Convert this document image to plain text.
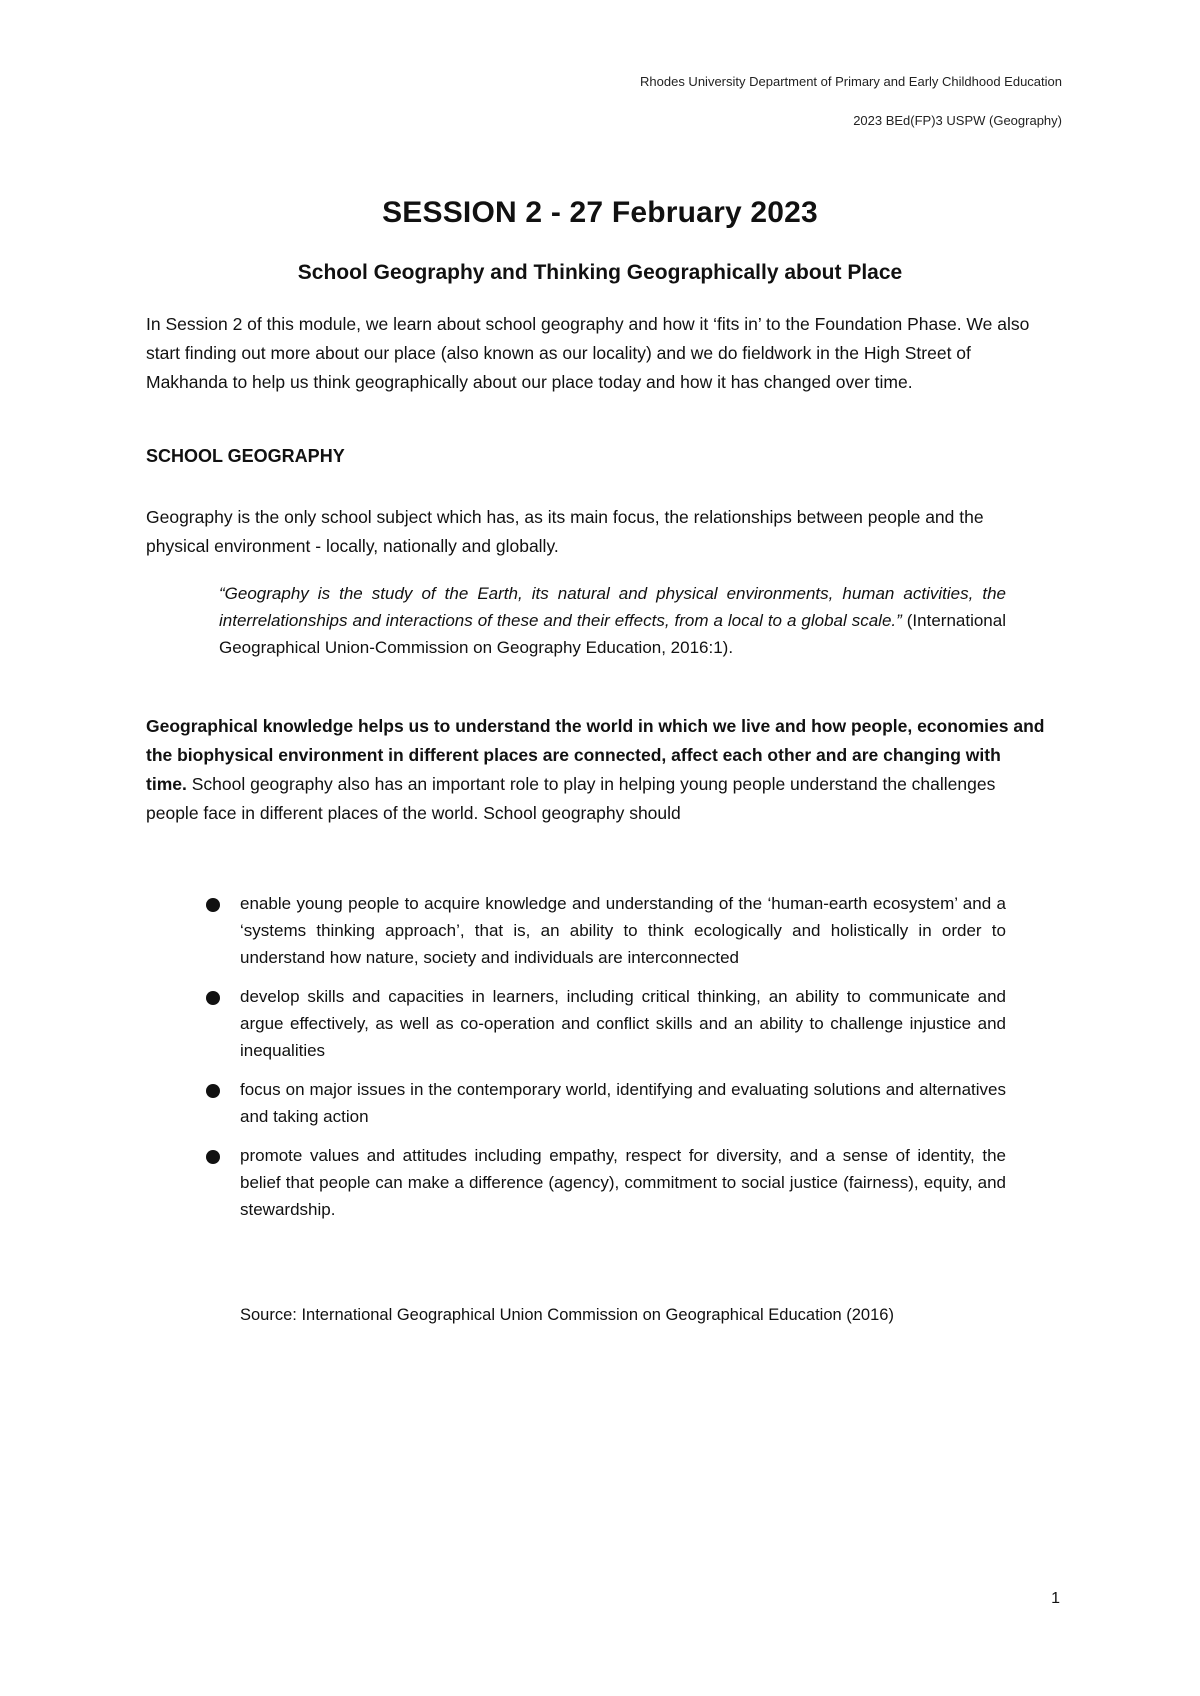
Rhodes University Department of Primary and Early Childhood Education
2023 BEd(FP)3 USPW (Geography)
SESSION 2 - 27 February 2023
School Geography and Thinking Geographically about Place
In Session 2 of this module, we learn about school geography and how it ‘fits in’ to the Foundation Phase. We also start finding out more about our place (also known as our locality) and we do fieldwork in the High Street of Makhanda to help us think geographically about our place today and how it has changed over time.
SCHOOL GEOGRAPHY
Geography is the only school subject which has, as its main focus, the relationships between people and the physical environment - locally, nationally and globally.
“Geography is the study of the Earth, its natural and physical environments, human activities, the interrelationships and interactions of these and their effects, from a local to a global scale.” (International Geographical Union-Commission on Geography Education, 2016:1).
Geographical knowledge helps us to understand the world in which we live and how people, economies and the biophysical environment in different places are connected, affect each other and are changing with time. School geography also has an important role to play in helping young people understand the challenges people face in different places of the world. School geography should
enable young people to acquire knowledge and understanding of the ‘human-earth ecosystem’ and a ‘systems thinking approach’, that is, an ability to think ecologically and holistically in order to understand how nature, society and individuals are interconnected
develop skills and capacities in learners, including critical thinking, an ability to communicate and argue effectively, as well as co-operation and conflict skills and an ability to challenge injustice and inequalities
focus on major issues in the contemporary world, identifying and evaluating solutions and alternatives and taking action
promote values and attitudes including empathy, respect for diversity, and a sense of identity, the belief that people can make a difference (agency), commitment to social justice (fairness), equity, and stewardship.
Source: International Geographical Union Commission on Geographical Education (2016)
1
